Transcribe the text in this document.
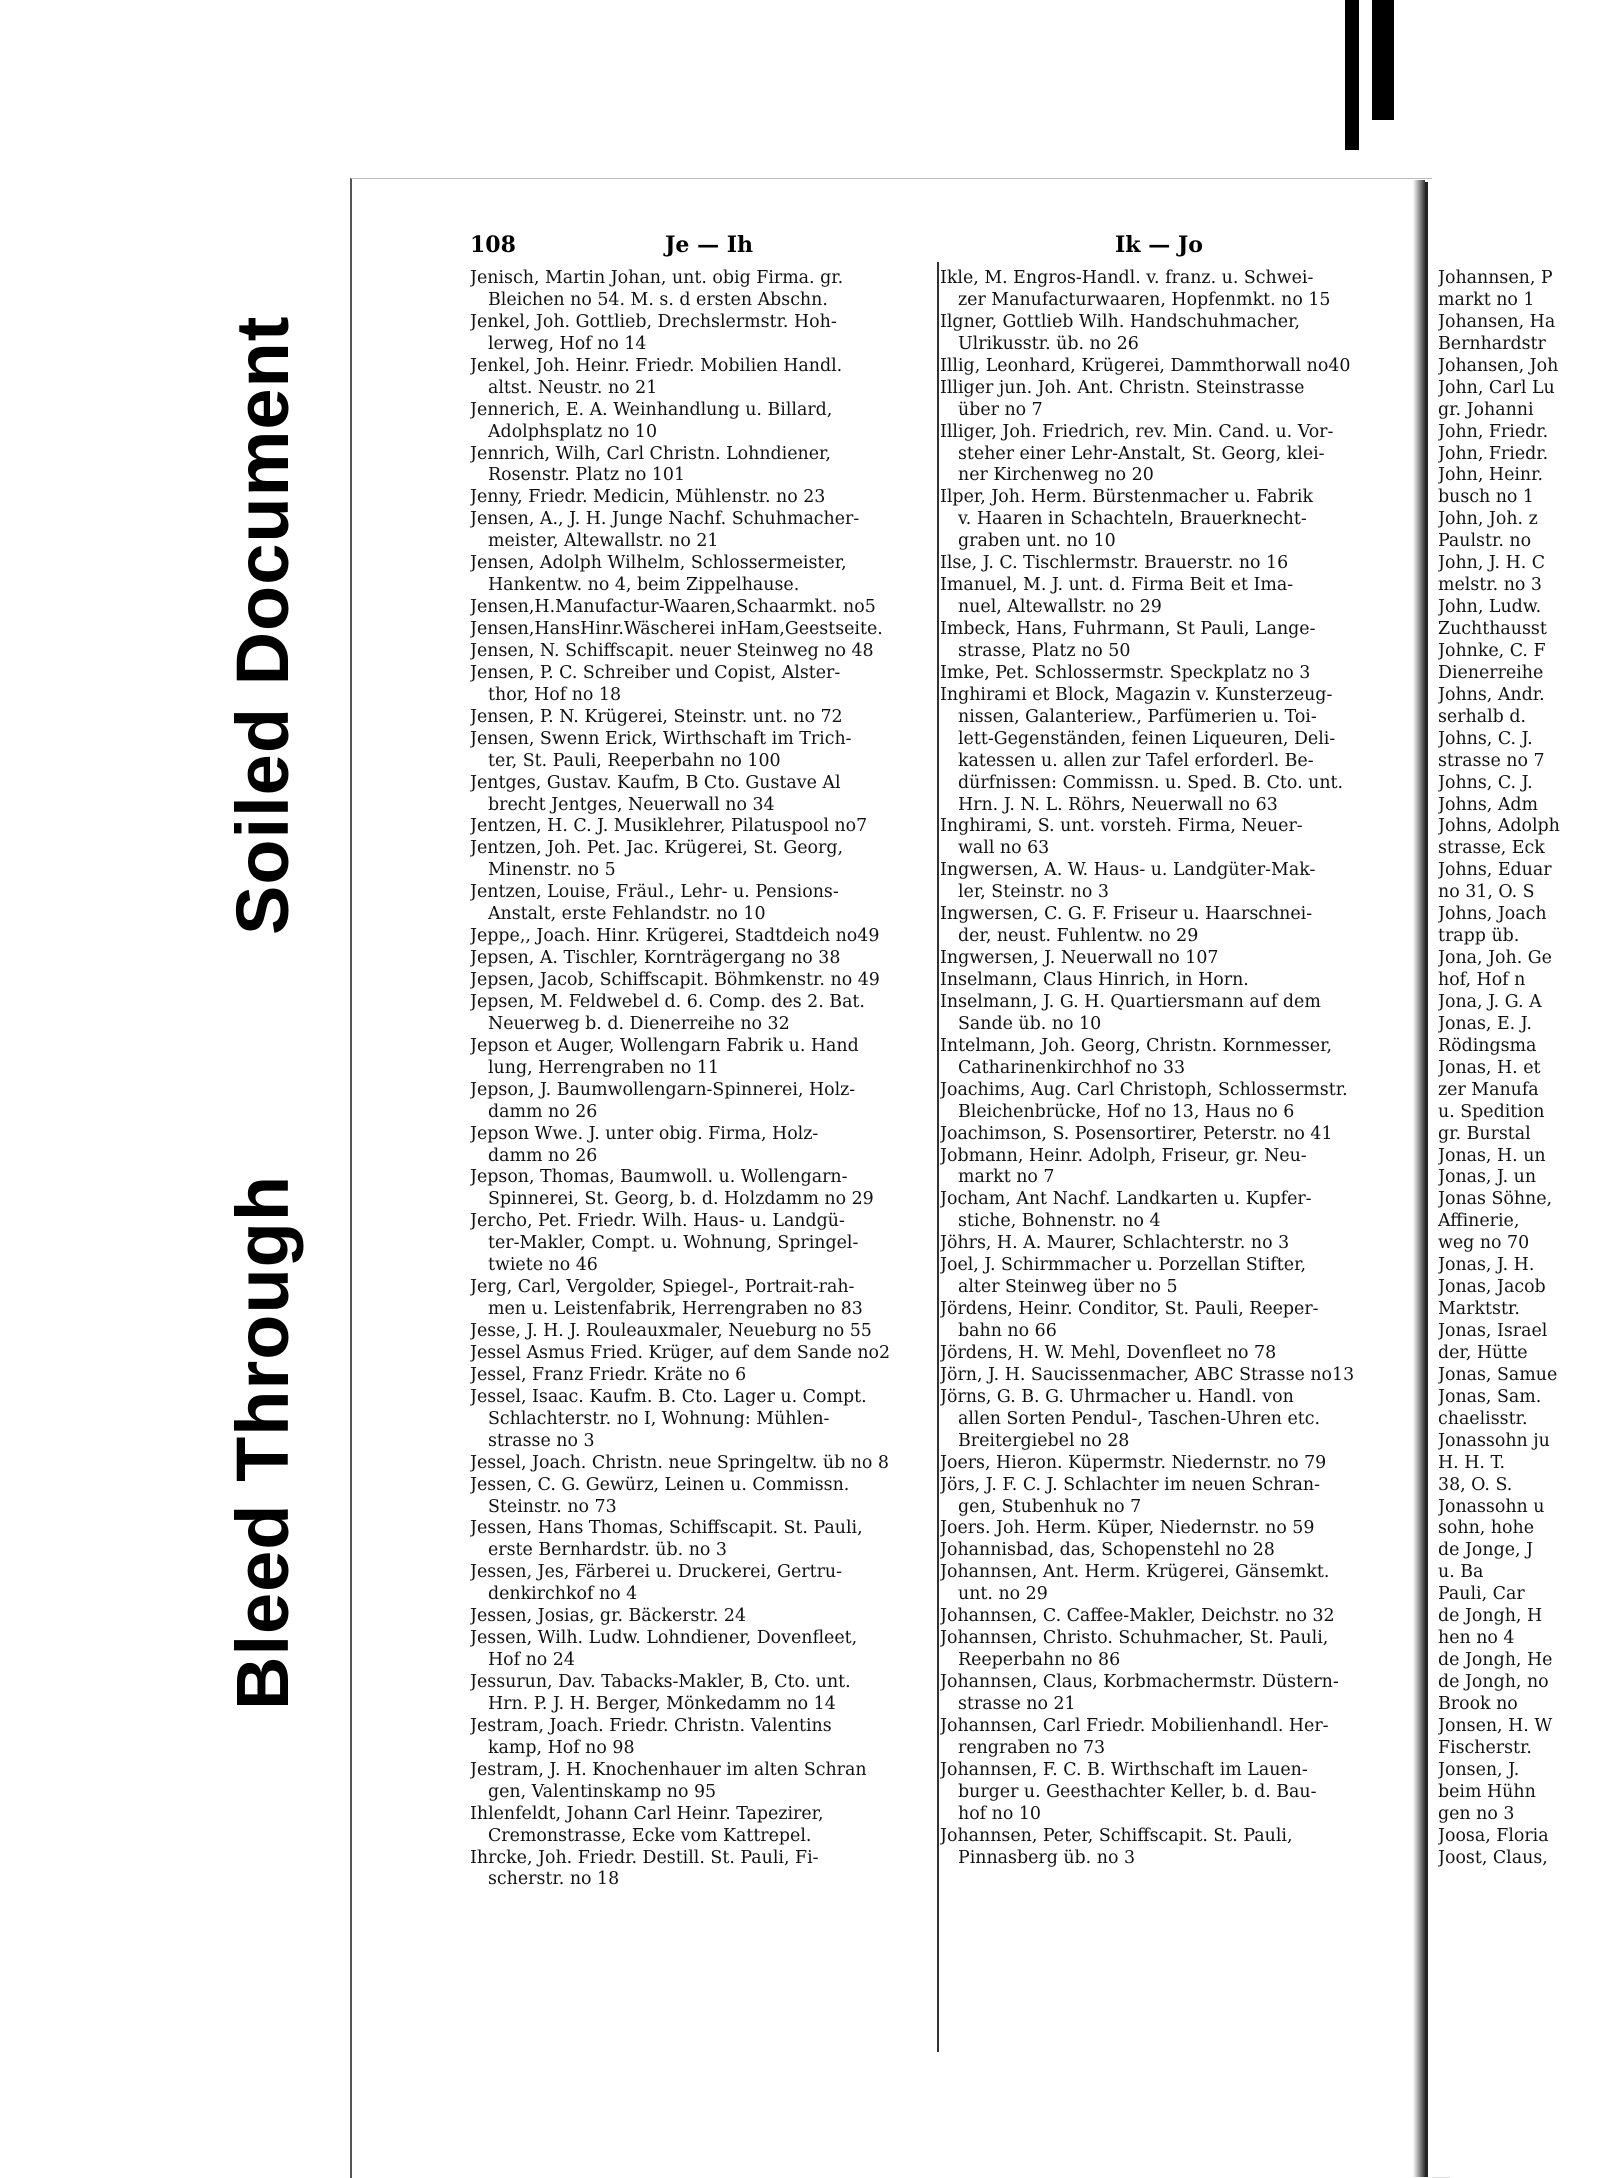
Soiled Document
Bleed Through
108	Je — Ih	Ik — Jo
Jenisch, Martin Johan, unt. obig Firma. gr.
Bleichen no 54. M. s. d ersten Abschn.
Jenkel, Joh. Gottlieb, Drechslermstr. Hoh-
lerweg, Hof no 14
Jenkel, Joh. Heinr. Friedr. Mobilien Handl.
altst. Neustr. no 21
Jennerich, E. A. Weinhandlung u. Billard,
Adolphsplatz no 10
Jennrich, Wilh, Carl Christn. Lohndiener,
Rosenstr. Platz no 101
Jenny, Friedr. Medicin, Mühlenstr. no 23
Jensen, A., J. H. Junge Nachf. Schuhmacher-
meister, Altewallstr. no 21
Jensen, Adolph Wilhelm, Schlossermeister,
Hankentw. no 4, beim Zippelhause.
Jensen,H.Manufactur-Waaren,Schaarmkt. no5
Jensen,HansHinr.Wäscherei inHam,Geestseite.
Jensen, N. Schiffscapit. neuer Steinweg no 48
Jensen, P. C. Schreiber und Copist, Alster-
thor, Hof no 18
Jensen, P. N. Krügerei, Steinstr. unt. no 72
Jensen, Swenn Erick, Wirthschaft im Trich-
ter, St. Pauli, Reeperbahn no 100
Jentges, Gustav. Kaufm, B Cto. Gustave Al
brecht Jentges, Neuerwall no 34
Jentzen, H. C. J. Musiklehrer, Pilatuspool no7
Jentzen, Joh. Pet. Jac. Krügerei, St. Georg,
Minenstr. no 5
Jentzen, Louise, Fräul., Lehr- u. Pensions-
Anstalt, erste Fehlandstr. no 10
Jeppe,, Joach. Hinr. Krügerei, Stadtdeich no49
Jepsen, A. Tischler, Kornträgergang no 38
Jepsen, Jacob, Schiffscapit. Böhmkenstr. no 49
Jepsen, M. Feldwebel d. 6. Comp. des 2. Bat.
Neuerweg b. d. Dienerreihe no 32
Jepson et Auger, Wollengarn Fabrik u. Hand
lung, Herrengraben no 11
Jepson, J. Baumwollengarn-Spinnerei, Holz-
damm no 26
Jepson Wwe. J. unter obig. Firma, Holz-
damm no 26
Jepson, Thomas, Baumwoll. u. Wollengarn-
Spinnerei, St. Georg, b. d. Holzdamm no 29
Jercho, Pet. Friedr. Wilh. Haus- u. Landgü-
ter-Makler, Compt. u. Wohnung, Springel-
twiete no 46
Jerg, Carl, Vergolder, Spiegel-, Portrait-rah-
men u. Leistenfabrik, Herrengraben no 83
Jesse, J. H. J. Rouleauxmaler, Neueburg no 55
Jessel Asmus Fried. Krüger, auf dem Sande no2
Jessel, Franz Friedr. Kräte no 6
Jessel, Isaac. Kaufm. B. Cto. Lager u. Compt.
Schlachterstr. no I, Wohnung: Mühlen-
strasse no 3
Jessel, Joach. Christn. neue Springeltw. üb no 8
Jessen, C. G. Gewürz, Leinen u. Commissn.
Steinstr. no 73
Jessen, Hans Thomas, Schiffscapit. St. Pauli,
erste Bernhardstr. üb. no 3
Jessen, Jes, Färberei u. Druckerei, Gertru-
denkirchkof no 4
Jessen, Josias, gr. Bäckerstr. 24
Jessen, Wilh. Ludw. Lohndiener, Dovenfleet,
Hof no 24
Jessurun, Dav. Tabacks-Makler, B, Cto. unt.
Hrn. P. J. H. Berger, Mönkedamm no 14
Jestram, Joach. Friedr. Christn. Valentins
kamp, Hof no 98
Jestram, J. H. Knochenhauer im alten Schran
gen, Valentinskamp no 95
Ihlenfeldt, Johann Carl Heinr. Tapezirer,
Cremonstrasse, Ecke vom Kattrepel.
Ihrcke, Joh. Friedr. Destill. St. Pauli, Fi-
scherstr. no 18
Ikle, M. Engros-Handl. v. franz. u. Schwei-
zer Manufacturwaaren, Hopfenmkt. no 15
Ilgner, Gottlieb Wilh. Handschuhmacher,
Ulrikusstr. üb. no 26
Illig, Leonhard, Krügerei, Dammthorwall no40
Illiger jun. Joh. Ant. Christn. Steinstrasse
über no 7
Illiger, Joh. Friedrich, rev. Min. Cand. u. Vor-
steher einer Lehr-Anstalt, St. Georg, klei-
ner Kirchenweg no 20
Ilper, Joh. Herm. Bürstenmacher u. Fabrik
v. Haaren in Schachteln, Brauerknecht-
graben unt. no 10
Ilse, J. C. Tischlermstr. Brauerstr. no 16
Imanuel, M. J. unt. d. Firma Beit et Ima-
nuel, Altewallstr. no 29
Imbeck, Hans, Fuhrmann, St Pauli, Lange-
strasse, Platz no 50
Imke, Pet. Schlossermstr. Speckplatz no 3
Inghirami et Block, Magazin v. Kunsterzeug-
nissen, Galanteriew., Parfümerien u. Toi-
lett-Gegenständen, feinen Liqueuren, Deli-
katessen u. allen zur Tafel erforderl. Be-
dürfnissen: Commissn. u. Sped. B. Cto. unt.
Hrn. J. N. L. Röhrs, Neuerwall no 63
Inghirami, S. unt. vorsteh. Firma, Neuer-
wall no 63
Ingwersen, A. W. Haus- u. Landgüter-Mak-
ler, Steinstr. no 3
Ingwersen, C. G. F. Friseur u. Haarschnei-
der, neust. Fuhlentw. no 29
Ingwersen, J. Neuerwall no 107
Inselmann, Claus Hinrich, in Horn.
Inselmann, J. G. H. Quartiersmann auf dem
Sande üb. no 10
Intelmann, Joh. Georg, Christn. Kornmesser,
Catharinenkirchhof no 33
Joachims, Aug. Carl Christoph, Schlossermstr.
Bleichenbrücke, Hof no 13, Haus no 6
Joachimson, S. Posensortirer, Peterstr. no 41
Jobmann, Heinr. Adolph, Friseur, gr. Neu-
markt no 7
Jocham, Ant Nachf. Landkarten u. Kupfer-
stiche, Bohnenstr. no 4
Jöhrs, H. A. Maurer, Schlachterstr. no 3
Joel, J. Schirmmacher u. Porzellan Stifter,
alter Steinweg über no 5
Jördens, Heinr. Conditor, St. Pauli, Reeper-
bahn no 66
Jördens, H. W. Mehl, Dovenfleet no 78
Jörn, J. H. Saucissenmacher, ABC Strasse no13
Jörns, G. B. G. Uhrmacher u. Handl. von
allen Sorten Pendul-, Taschen-Uhren etc.
Breitergiebel no 28
Joers, Hieron. Küpermstr. Niedernstr. no 79
Jörs, J. F. C. J. Schlachter im neuen Schran-
gen, Stubenhuk no 7
Joers. Joh. Herm. Küper, Niedernstr. no 59
Johannisbad, das, Schopenstehl no 28
Johannsen, Ant. Herm. Krügerei, Gänsemkt.
unt. no 29
Johannsen, C. Caffee-Makler, Deichstr. no 32
Johannsen, Christo. Schuhmacher, St. Pauli,
Reeperbahn no 86
Johannsen, Claus, Korbmachermstr. Düstern-
strasse no 21
Johannsen, Carl Friedr. Mobilienhandl. Her-
rengraben no 73
Johannsen, F. C. B. Wirthschaft im Lauen-
burger u. Geesthachter Keller, b. d. Bau-
hof no 10
Johannsen, Peter, Schiffscapit. St. Pauli,
Pinnasberg üb. no 3
Johannsen, P
markt no 1
Johansen, Ha
Bernhardstr
Johansen, Joh
John, Carl Lu
gr. Johanni
John, Friedr.
John, Friedr.
John, Heinr.
busch no 1
John, Joh. z
Paulstr. no
John, J. H. C
melstr. no 3
John, Ludw.
Zuchthausst
Johnke, C. F
Dienerreihe
Johns, Andr.
serhalb d.
Johns, C. J.
strasse no 7
Johns, C. J.
Johns, Adm
Johns, Adolph
strasse, Eck
Johns, Eduar
no 31, O. S
Johns, Joach
trapp üb.
Jona, Joh. Ge
hof, Hof n
Jona, J. G. A
Jonas, E. J.
Rödingsma
Jonas, H. et
zer Manufa
u. Spedition
gr. Burstal
Jonas, H. un
Jonas, J. un
Jonas Söhne,
Affinerie,
weg no 70
Jonas, J. H.
Jonas, Jacob
Marktstr.
Jonas, Israel
der, Hütte
Jonas, Samue
Jonas, Sam.
chaelisstr.
Jonassohn ju
H. H. T.
38, O. S.
Jonassohn u
sohn, hohe
de Jonge, J
u. Ba
Pauli, Car
de Jongh, H
hen no 4
de Jongh, He
de Jongh, no
Brook no
Jonsen, H. W
Fischerstr.
Jonsen, J.
beim Hühn
gen no 3
Joosa, Floria
Joost, Claus,
